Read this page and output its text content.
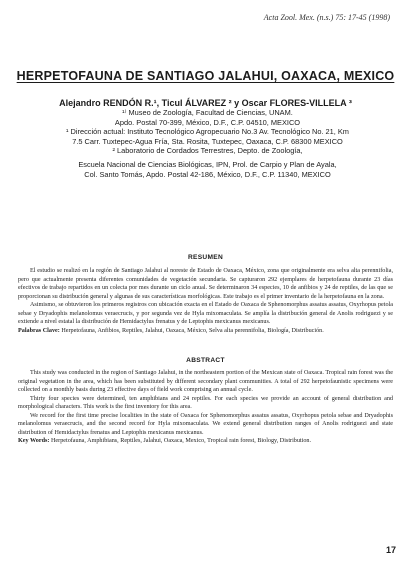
Acta Zool. Mex. (n.s.) 75: 17-45 (1998)
HERPETOFAUNA DE SANTIAGO JALAHUI, OAXACA, MEXICO
Alejandro RENDÓN R.¹, Ticul ÁLVAREZ ² y Oscar FLORES-VILLELA ³

¹⁾ Museo de Zoología, Facultad de Ciencias, UNAM.

Apdo. Postal 70-399, México, D.F., C.P. 04510, MEXICO

¹ Dirección actual: Instituto Tecnológico Agropecuario No.3 Av. Tecnológico No. 21, Km

7.5 Carr. Tuxtepec-Agua Fría, Sta. Rosita, Tuxtepec, Oaxaca, C.P. 68300 MEXICO

² Laboratorio de Cordados Terrestres, Depto. de Zoología,

Escuela Nacional de Ciencias Biológicas, IPN, Prol. de Carpio y Plan de Ayala,

Col. Santo Tomás, Apdo. Postal 42-186, México, D.F., C.P. 11340, MEXICO

RESUMEN

El estudio se realizó en la región de Santiago Jalahui al noreste de Estado de Oaxaca, México, zona que originalmente era selva alta perennifolia, pero que actualmente presenta diferentes comunidades de vegetación secundaria. Se capturaron 292 ejemplares de herpetofauna durante 23 días efectivos de trabajo repartidos en un colecta por mes durante un ciclo anual. Se determinaron 34 especies, 10 de anfibios y 24 de reptiles, de las que se proporcionan su distribución general y algunas de sus características morfológicas. Este trabajo es el primer inventario de la herpetofauna en la zona.

Asimismo, se obtuvieron los primeros registros con ubicación exacta en el Estado de Oaxaca de Sphenomorphus assatus assatus, Oxyrhopus petola sebae y Dryadophis melanolomus veraecrucis, y por segunda vez de Hyla mixomaculata. Se amplía la distribución general de Anolis rodriguezi y se extiende a nivel estatal la distribución de Hemidactylus frenatus y de Leptophis mexicanus mexicanus.

Palabras Clave: Herpetofauna, Anfibios, Reptiles, Jalahui, Oaxaca, México, Selva alta perennifolia, Biología, Distribución.

ABSTRACT

This study was conducted in the region of Santiago Jalahui, in the northeastern portion of the Mexican state of Oaxaca. Tropical rain forest was the original vegetation in the area, which has been substituted by different secondary plant communities. A total of 292 herpetofaunistic specimens were collected on a monthly basis during 23 effective days of field work comprising an annual cycle.

Thirty four species were determined, ten amphibians and 24 reptiles. For each species we provide an account of general distribution and morphological characters. This work is the first inventory for this area.

We record for the first time precise localities in the state of Oaxaca for Sphenomorphus assatus assatus, Oxyrhopus petola sebae and Dryadophis melanolomus veraecrucis, and the second record for Hyla mixomaculata. We extend general distribution ranges of Anolis rodriguezi and state distribution of Hemidactylus frenatus and Leptophis mexicanus mexicanus.

Key Words: Herpetofauna, Amphibians, Reptiles, Jalahui, Oaxaca, Mexico, Tropical rain forest, Biology, Distribution.

17
